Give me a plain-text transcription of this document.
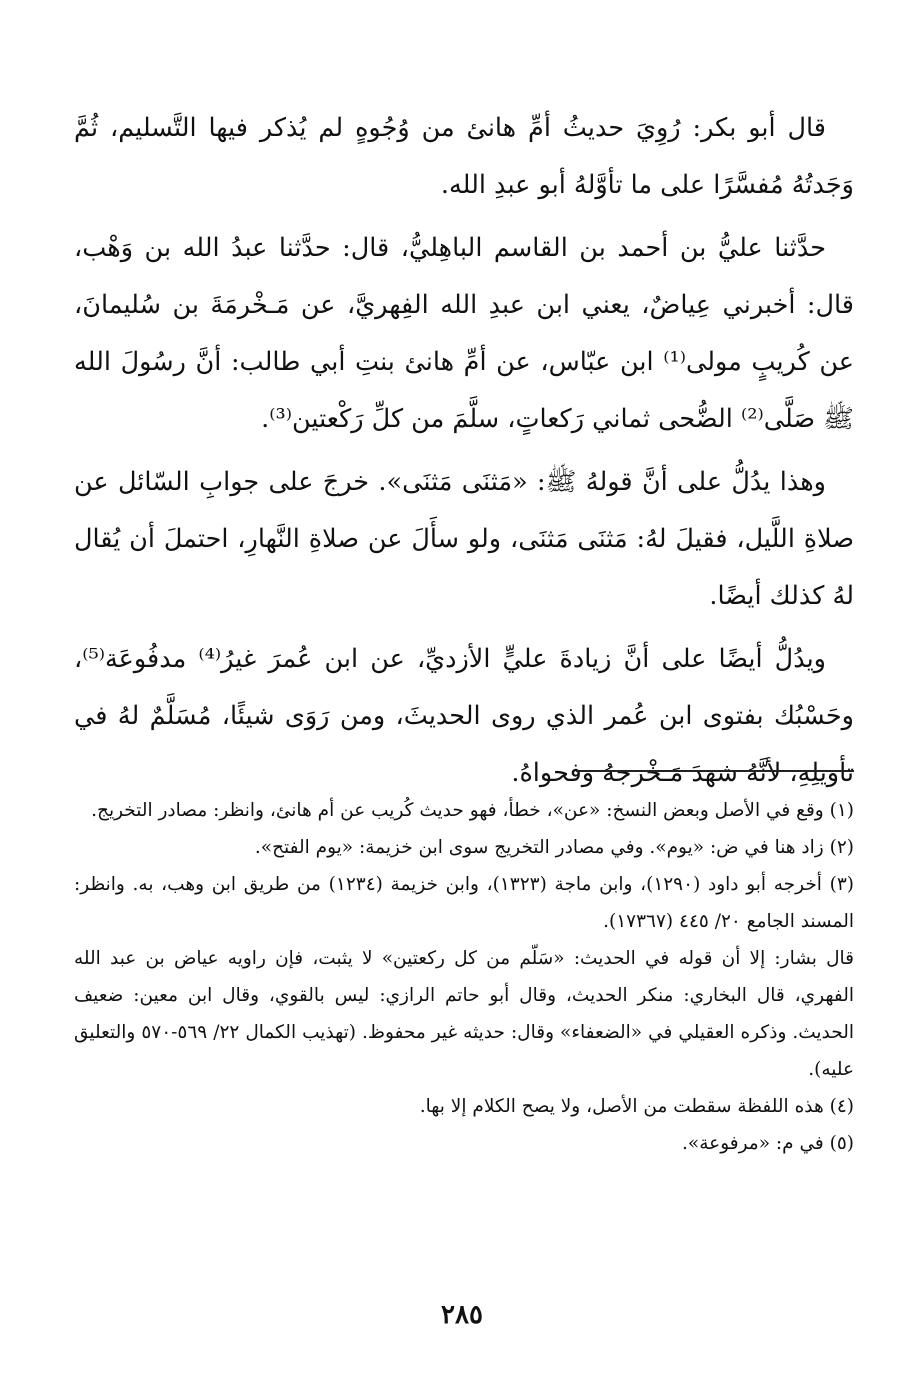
قال أبو بكر: رُوِيَ حديثُ أمِّ هانئ من وُجُوهٍ لم يُذكر فيها التَّسليم، ثُمَّ وَجَدتُهُ مُفسَّرًا على ما تأوَّلهُ أبو عبدِ الله.

حدَّثنا عليُّ بن أحمد بن القاسم الباهِليُّ، قال: حدَّثنا عبدُ الله بن وَهْب، قال: أخبرني عِياضٌ، يعني ابن عبدِ الله الفِهريَّ، عن مَـخْرمَةَ بن سُليمانَ، عن كُريبٍ مولى⁽¹⁾ ابن عبّاس، عن أمِّ هانئ بنتِ أبي طالب: أنَّ رسُولَ الله ﷺ صَلَّى⁽²⁾ الضُّحى ثماني رَكعاتٍ، سلَّمَ من كلِّ رَكْعتين⁽³⁾.

وهذا يدُلُّ على أنَّ قولهُ ﷺ: «مَثنَى مَثنَى». خرجَ على جوابِ السّائل عن صلاةِ اللَّيل، فقيلَ لهُ: مَثنَى مَثنَى، ولو سأَلَ عن صلاةِ النَّهارِ، احتملَ أن يُقال لهُ كذلك أيضًا.

ويدُلُّ أيضًا على أنَّ زيادةَ عليٍّ الأزديِّ، عن ابن عُمرَ غيرُ⁽⁴⁾ مدفُوعَة⁽⁵⁾، وحَسْبُك بفتوى ابن عُمر الذي روى الحديثَ، ومن رَوَى شيئًا، مُسَلَّمٌ لهُ في تأويلِهِ، لأنَّهُ شهدَ مَـخْرجهُ وفحواهُ.

(١) وقع في الأصل وبعض النسخ: «عن»، خطأ، فهو حديث كُريب عن أم هانئ، وانظر: مصادر التخريج.

(٢) زاد هنا في ض: «يوم». وفي مصادر التخريج سوى ابن خزيمة: «يوم الفتح».

(٣) أخرجه أبو داود (١٢٩٠)، وابن ماجة (١٣٢٣)، وابن خزيمة (١٢٣٤) من طريق ابن وهب، به. وانظر: المسند الجامع ٢٠/ ٤٤٥ (١٧٣٦٧).

قال بشار: إلا أن قوله في الحديث: «سَلّم من كل ركعتين» لا يثبت، فإن راويه عياض بن عبد الله الفهري، قال البخاري: منكر الحديث، وقال أبو حاتم الرازي: ليس بالقوي، وقال ابن معين: ضعيف الحديث. وذكره العقيلي في «الضعفاء» وقال: حديثه غير محفوظ. (تهذيب الكمال ٢٢/ ٥٦٩-٥٧٠ والتعليق عليه).

(٤) هذه اللفظة سقطت من الأصل، ولا يصح الكلام إلا بها.

(٥) في م: «مرفوعة».

٢٨٥
